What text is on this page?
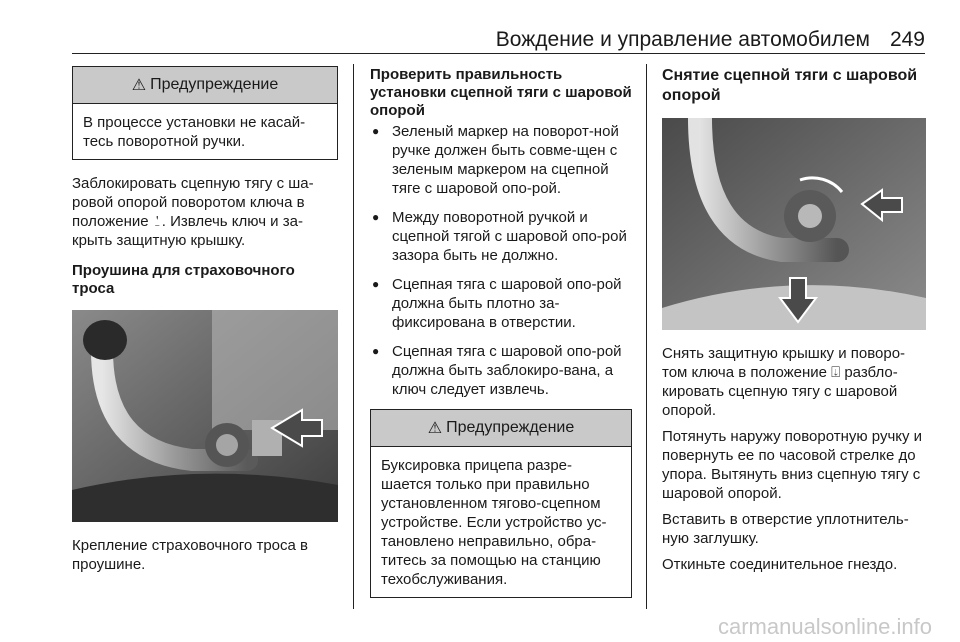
Вождение и управление автомобилем 249
⚠ Предупреждение
В процессе установки не касай-тесь поворотной ручки.

Заблокировать сцепную тягу с ша-ровой опорой поворотом ключа в положение ⍘. Извлечь ключ и за-крыть защитную крышку.

Проушина для страховочного троса

Крепление страховочного троса в проушине.

Проверить правильность установки сцепной тяги с шаровой опорой

● Зеленый маркер на поворот-ной ручке должен быть совме-щен с зеленым маркером на сцепной тяге с шаровой опо-рой.
● Между поворотной ручкой и сцепной тягой с шаровой опо-рой зазора быть не должно.
● Сцепная тяга с шаровой опо-рой должна быть плотно за-фиксирована в отверстии.
● Сцепная тяга с шаровой опо-рой должна быть заблокиро-вана, а ключ следует извлечь.
⚠ Предупреждение
Буксировка прицепа разре-шается только при правильно установленном тягово-сцепном устройстве. Если устройство ус-тановлено неправильно, обра-титесь за помощью на станцию техобслуживания.

Снятие сцепной тяги с шаровой опорой

Снять защитную крышку и поворо-том ключа в положение ⍗ разбло-кировать сцепную тягу с шаровой опорой.

Потянуть наружу поворотную ручку и повернуть ее по часовой стрелке до упора. Вытянуть вниз сцепную тягу с шаровой опорой.

Вставить в отверстие уплотнитель-ную заглушку.

Откиньте соединительное гнездо.

carmanualsonline.info
